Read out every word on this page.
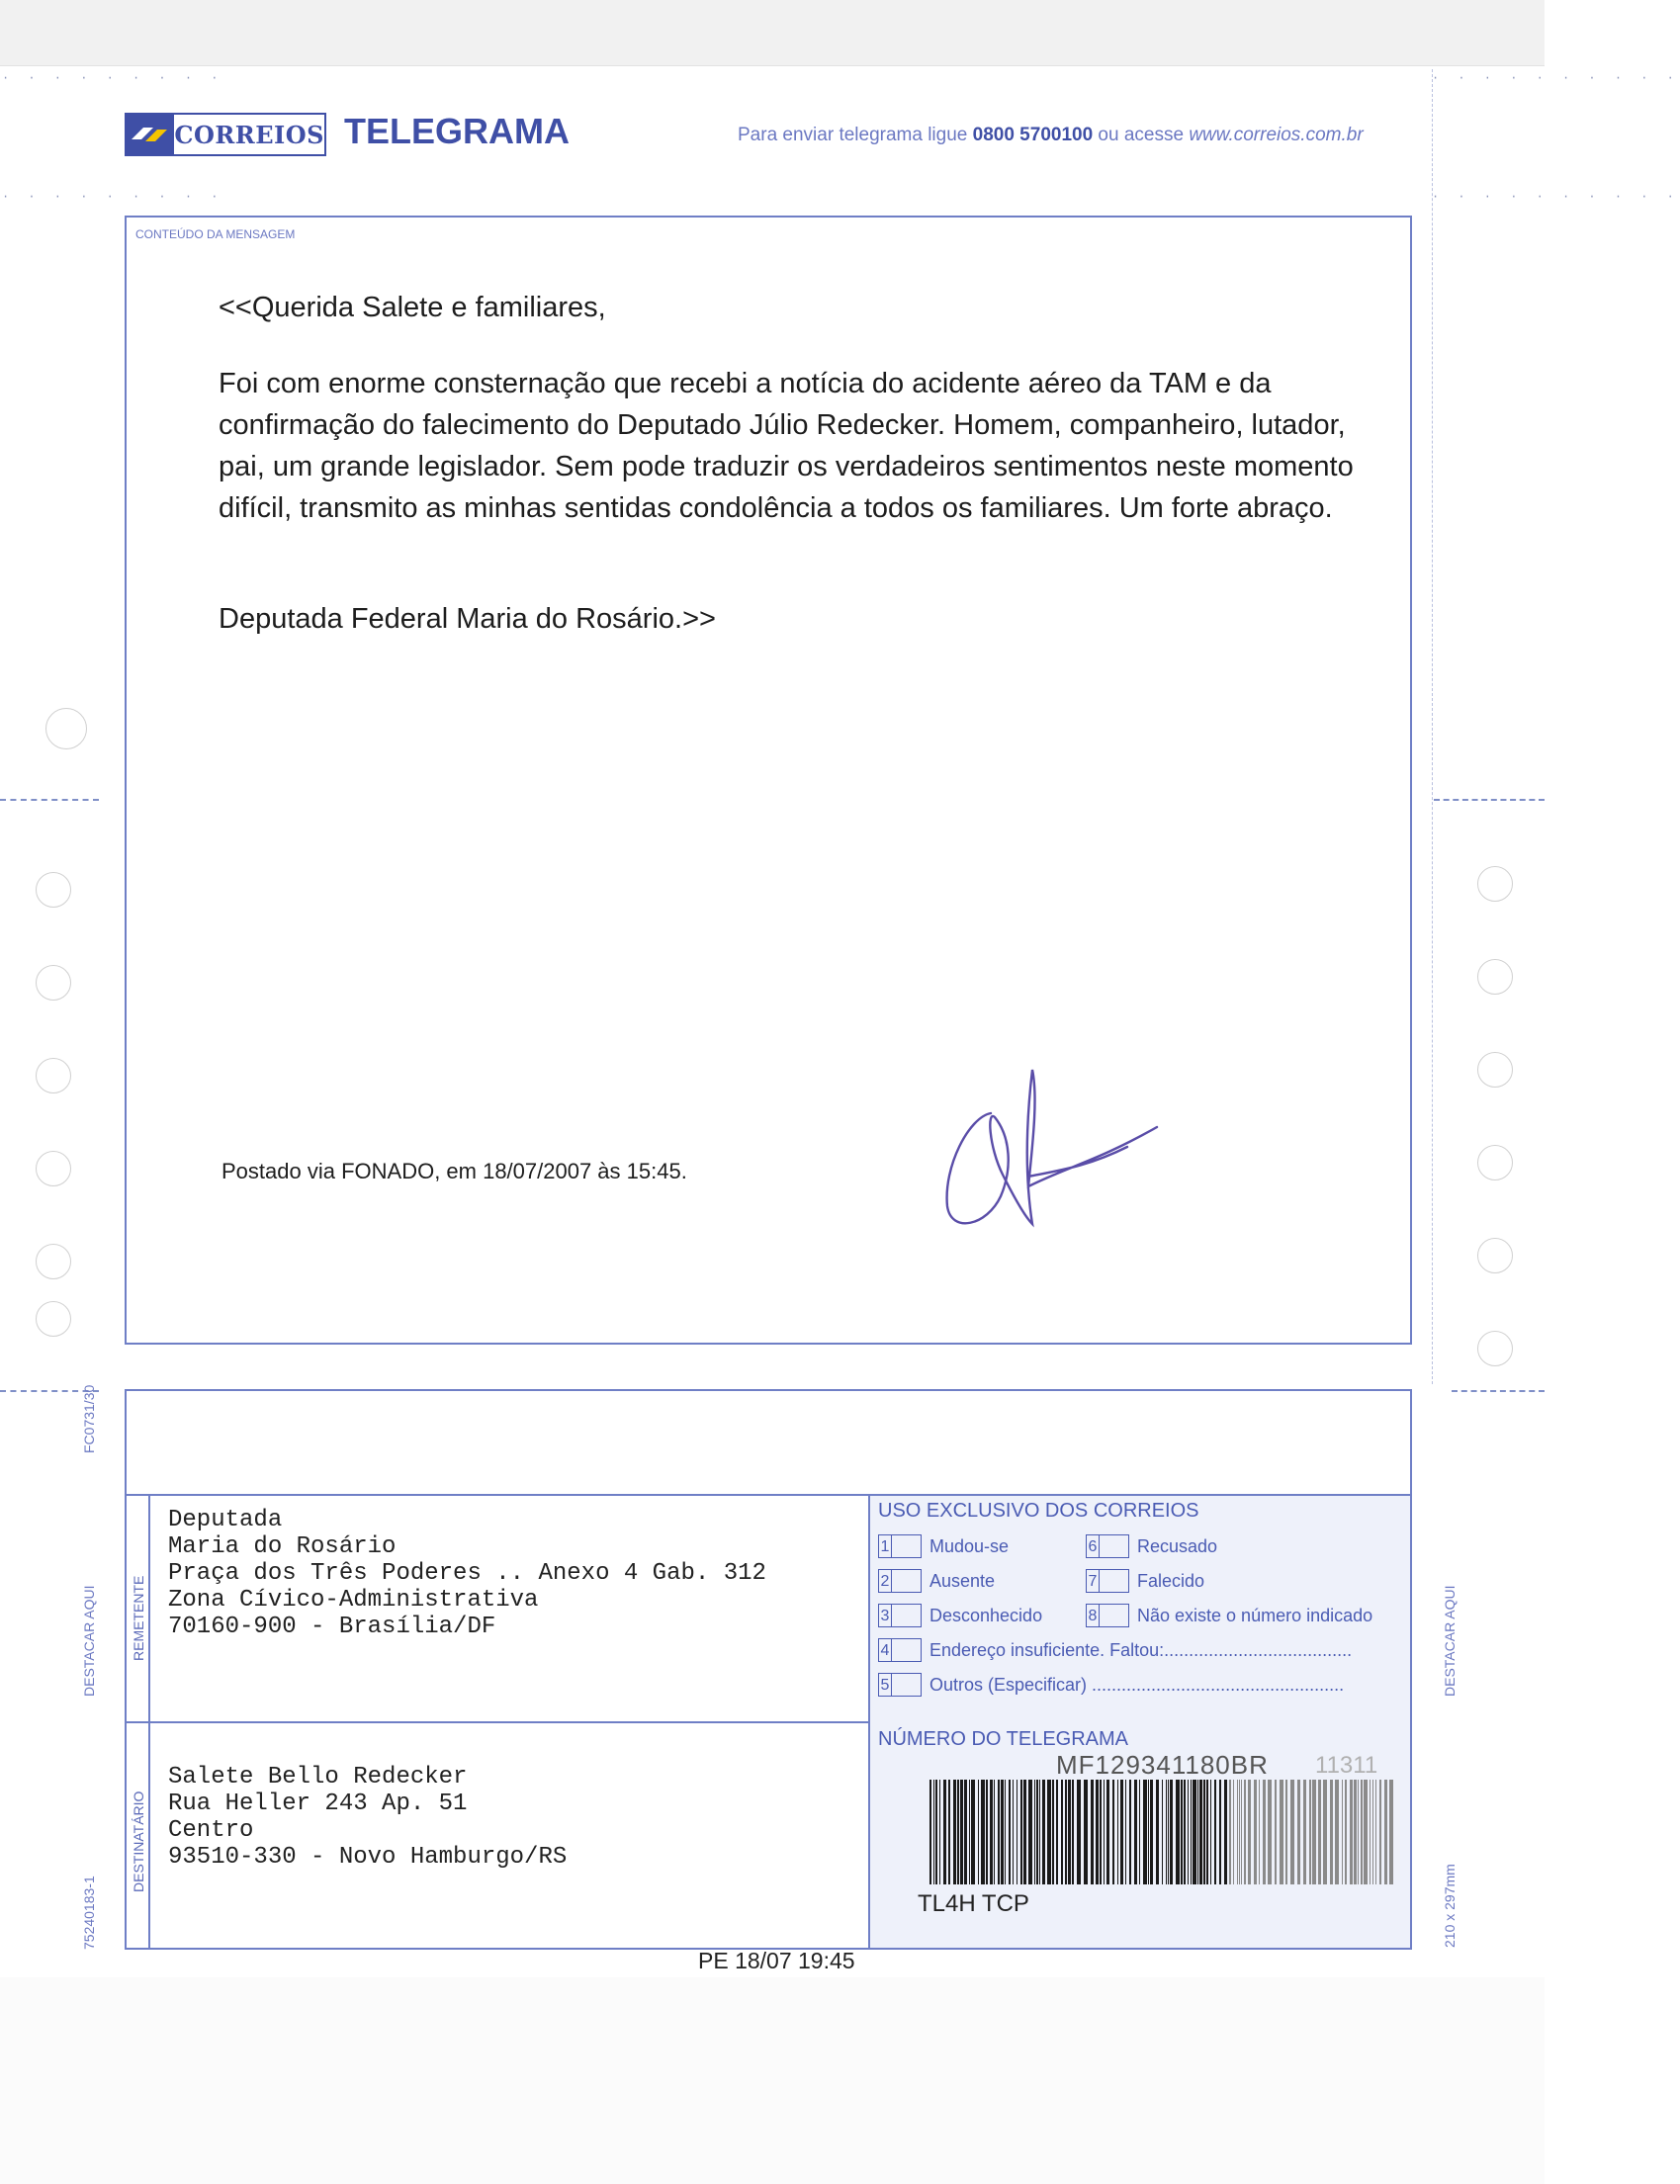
· · · · · · · · ·
· · · · · · · · ·
· · · · · · · · · ·
· · · · · · · · · ·
CORREIOS TELEGRAMA	Para enviar telegrama ligue 0800 5700100 ou acesse www.correios.com.br
CONTEÚDO DA MENSAGEM
<<Querida Salete e familiares,
Foi com enorme consternação que recebi a notícia do acidente aéreo da TAM e da confirmação do falecimento do Deputado Júlio Redecker. Homem, companheiro, lutador, pai, um grande legislador. Sem pode traduzir os verdadeiros sentimentos neste momento difícil, transmito as minhas sentidas condolência a todos os familiares. Um forte abraço.
Deputada Federal Maria do Rosário.>>
Postado via FONADO, em 18/07/2007 às 15:45.
REMETENTE
DESTINATÁRIO
Deputada
Maria do Rosário
Praça dos Três Poderes .. Anexo 4 Gab. 312
Zona Cívico-Administrativa
70160-900 - Brasília/DF
Salete Bello Redecker
Rua Heller 243 Ap. 51
Centro
93510-330 - Novo Hamburgo/RS
USO EXCLUSIVO DOS CORREIOS
1 Mudou-se
2 Ausente
3 Desconhecido
4 Endereço insuficiente. Faltou:......................................
5 Outros (Especificar) ...................................................
6 Recusado
7 Falecido
8 Não existe o número indicado
NÚMERO DO TELEGRAMA
MF129341180BR 11311
TL4H TCP
PE 18/07 19:45
FC0731/30
DESTACAR AQUI
75240183-1
DESTACAR AQUI
210 x 297mm
